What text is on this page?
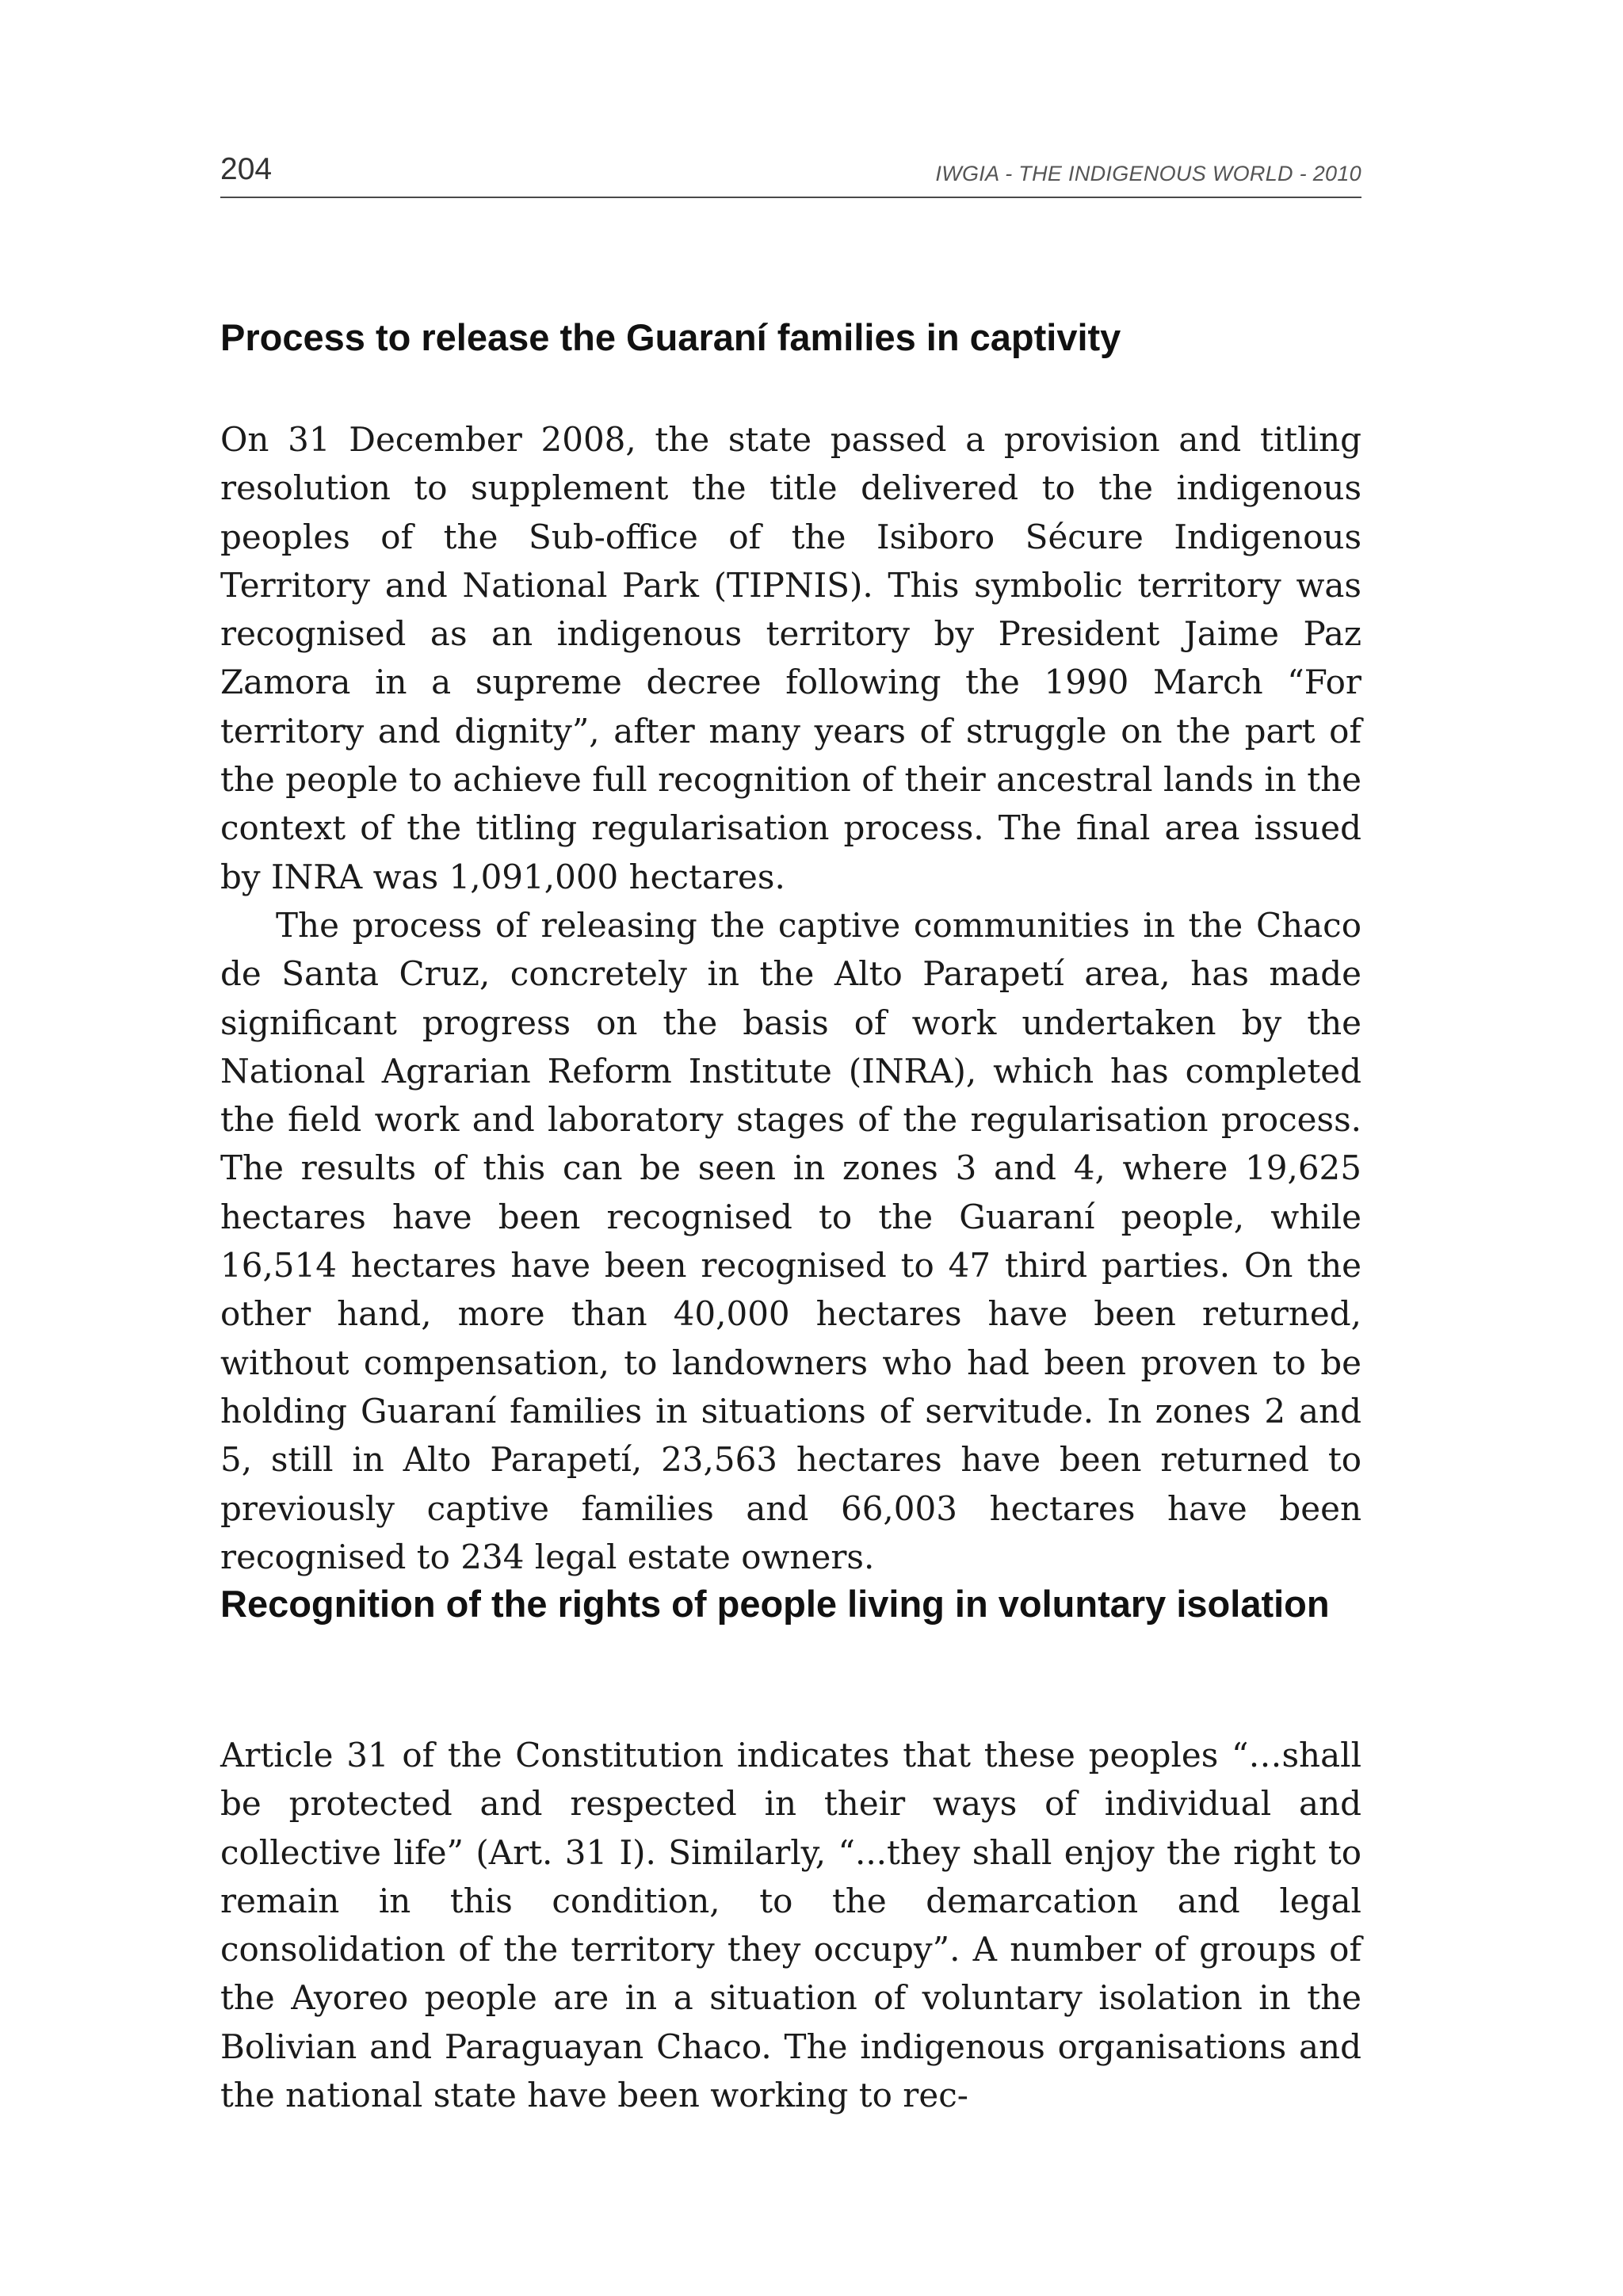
204	IWGIA - THE INDIGENOUS WORLD - 2010
Process to release the Guaraní families in captivity

On 31 December 2008, the state passed a provision and titling resolution to supplement the title delivered to the indigenous peoples of the Sub-office of the Isiboro Sécure Indigenous Territory and National Park (TIPNIS). This symbolic territory was recognised as an indigenous territory by President Jaime Paz Zamora in a supreme decree following the 1990 March “For territory and dignity”, after many years of struggle on the part of the people to achieve full recognition of their ancestral lands in the context of the titling regularisation process. The final area issued by INRA was 1,091,000 hectares.

The process of releasing the captive communities in the Chaco de Santa Cruz, concretely in the Alto Parapetí area, has made significant progress on the basis of work undertaken by the National Agrarian Reform Institute (INRA), which has completed the field work and laboratory stages of the regularisation process. The results of this can be seen in zones 3 and 4, where 19,625 hectares have been recognised to the Guaraní people, while 16,514 hectares have been recognised to 47 third parties. On the other hand, more than 40,000 hectares have been returned, without compensation, to landowners who had been proven to be holding Guaraní families in situations of servitude. In zones 2 and 5, still in Alto Parapetí, 23,563 hectares have been returned to previously captive families and 66,003 hectares have been recognised to 234 legal estate owners.

Recognition of the rights of people living in voluntary isolation

Article 31 of the Constitution indicates that these peoples “…shall be protected and respected in their ways of individual and collective life” (Art. 31 I). Similarly, “...they shall enjoy the right to remain in this condition, to the demarcation and legal consolidation of the territory they occupy”. A number of groups of the Ayoreo people are in a situation of voluntary isolation in the Bolivian and Paraguayan Chaco. The indigenous organisations and the national state have been working to rec-
